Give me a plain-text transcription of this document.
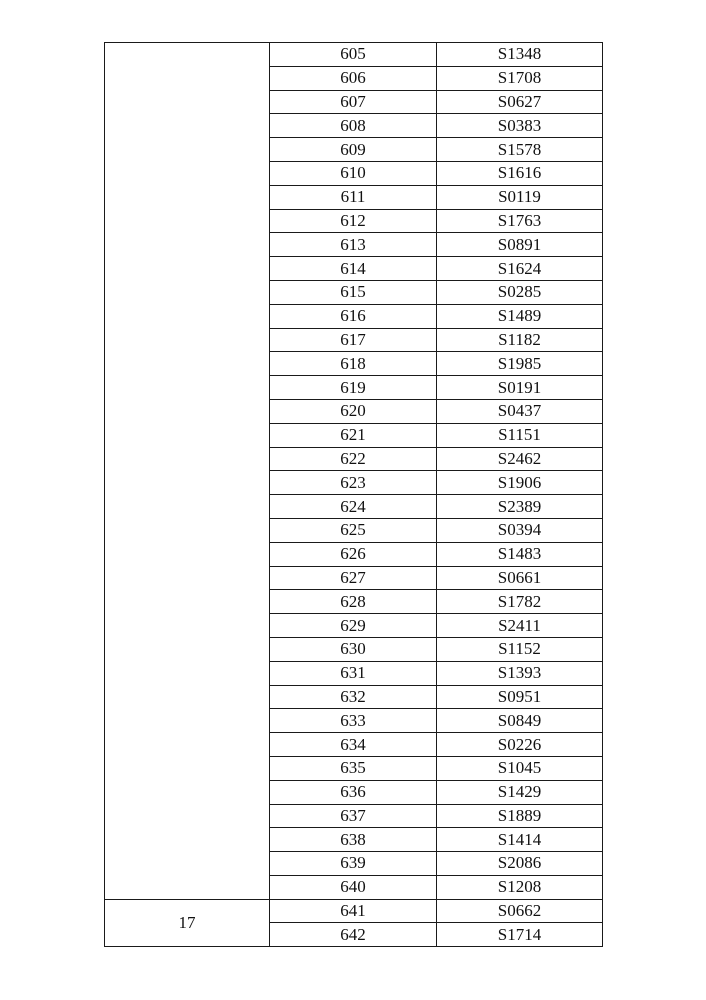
	605	S1348
	606	S1708
	607	S0627
	608	S0383
	609	S1578
	610	S1616
	611	S0119
	612	S1763
	613	S0891
	614	S1624
	615	S0285
	616	S1489
	617	S1182
	618	S1985
	619	S0191
	620	S0437
	621	S1151
	622	S2462
	623	S1906
	624	S2389
	625	S0394
	626	S1483
	627	S0661
	628	S1782
	629	S2411
	630	S1152
	631	S1393
	632	S0951
	633	S0849
	634	S0226
	635	S1045
	636	S1429
	637	S1889
	638	S1414
	639	S2086
	640	S1208
17	641	S0662
	642	S1714
